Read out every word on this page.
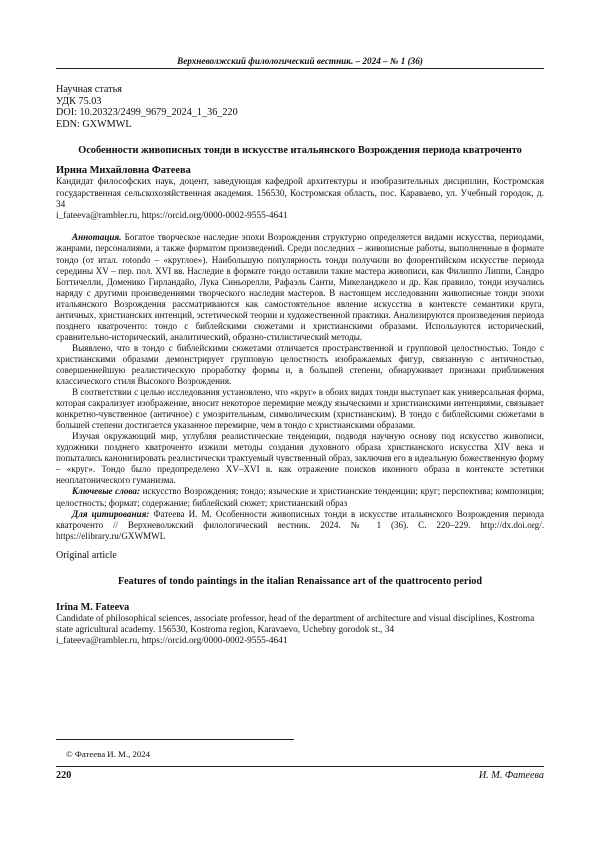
Верхневолжский филологический вестник. – 2024 – № 1 (36)
Научная статья
УДК 75.03
DOI: 10.20323/2499_9679_2024_1_36_220
EDN: GXWMWL
Особенности живописных тонди в искусстве итальянского Возрождения периода кватроченто
Ирина Михайловна Фатеева
Кандидат философских наук, доцент, заведующая кафедрой архитектуры и изобразительных дисциплин, Костромская государственная сельскохозяйственная академия. 156530, Костромская область, пос. Караваево, ул. Учебный городок, д. 34
i_fateeva@rambler.ru, https://orcid.org/0000-0002-9555-4641

Аннотация. Богатое творческое наследие эпохи Возрождения структурно определяется видами искусства, периодами, жанрами, персоналиями, а также форматом произведений. Среди последних – живописные работы, выполненные в формате тондо (от итал. rotondo – «круглое»). Наибольшую популярность тонди получили во флорентийском искусстве периода середины XV – пер. пол. XVI вв. Наследие в формате тондо оставили такие мастера живописи, как Филиппо Липпи, Сандро Боттичелли, Доменико Гирландайо, Лука Синьорелли, Рафаэль Санти, Микеланджело и др. Как правило, тонди изучались наряду с другими произведениями творческого наследия мастеров. В настоящем исследовании живописные тонди эпохи итальянского Возрождения рассматриваются как самостоятельное явление искусства в контексте семантики круга, античных, христианских интенций, эстетической теории и художественной практики. Анализируются произведения периода позднего кватроченто: тондо с библейскими сюжетами и христианскими образами. Используются исторический, сравнительно-исторический, аналитический, образно-стилистический методы.

Выявлено, что в тондо с библейскими сюжетами отличается пространственной и групповой целостностью. Тондо с христианскими образами демонстрирует групповую целостность изображаемых фигур, связанную с античностью, совершеннейшую реалистическую проработку формы и, в большей степени, обнаруживает признаки приближения классического стиля Высокого Возрождения.

В соответствии с целью исследования установлено, что «круг» в обоих видах тонди выступает как универсальная форма, которая сакрализует изображение, вносит некоторое перемирие между языческими и христианскими интенциями, связывает конкретно-чувственное (античное) с умозрительным, символическим (христианским). В тондо с библейскими сюжетами в большей степени достигается указанное перемирие, чем в тондо с христианскими образами.

Изучая окружающий мир, углубляя реалистические тенденции, подводя научную основу под искусство живописи, художники позднего кватроченто изжили методы создания духовного образа христианского искусства XIV века и попытались канонизировать реалистически трактуемый чувственный образ, заключив его в идеальную божественную форму – «круг». Тондо было предопределено XV–XVI в. как отражение поисков иконного образа в контексте эстетики неоплатонического гуманизма.

Ключевые слова: искусство Возрождения; тондо; языческие и христианские тенденции; круг; перспектива; композиция; целостность; формат; содержание; библейский сюжет; христианский образ

Для цитирования: Фатеева И. М. Особенности живописных тонди в искусстве итальянского Возрождения периода кватроченто // Верхневолжский филологический вестник. 2024. № 1 (36). С. 220–229. http://dx.doi.org/. https://elibrary.ru/GXWMWL

Original article
Features of tondo paintings in the italian Renaissance art of the quattrocento period
Irina M. Fateeva
Candidate of philosophical sciences, associate professor, head of the department of architecture and visual disciplines, Kostroma state agricultural academy. 156530, Kostroma region, Karavaevo, Uchebny gorodok st., 34
i_fateeva@rambler.ru, https://orcid.org/0000-0002-9555-4641
© Фатеева И. М., 2024
220	И. М. Фатеева
